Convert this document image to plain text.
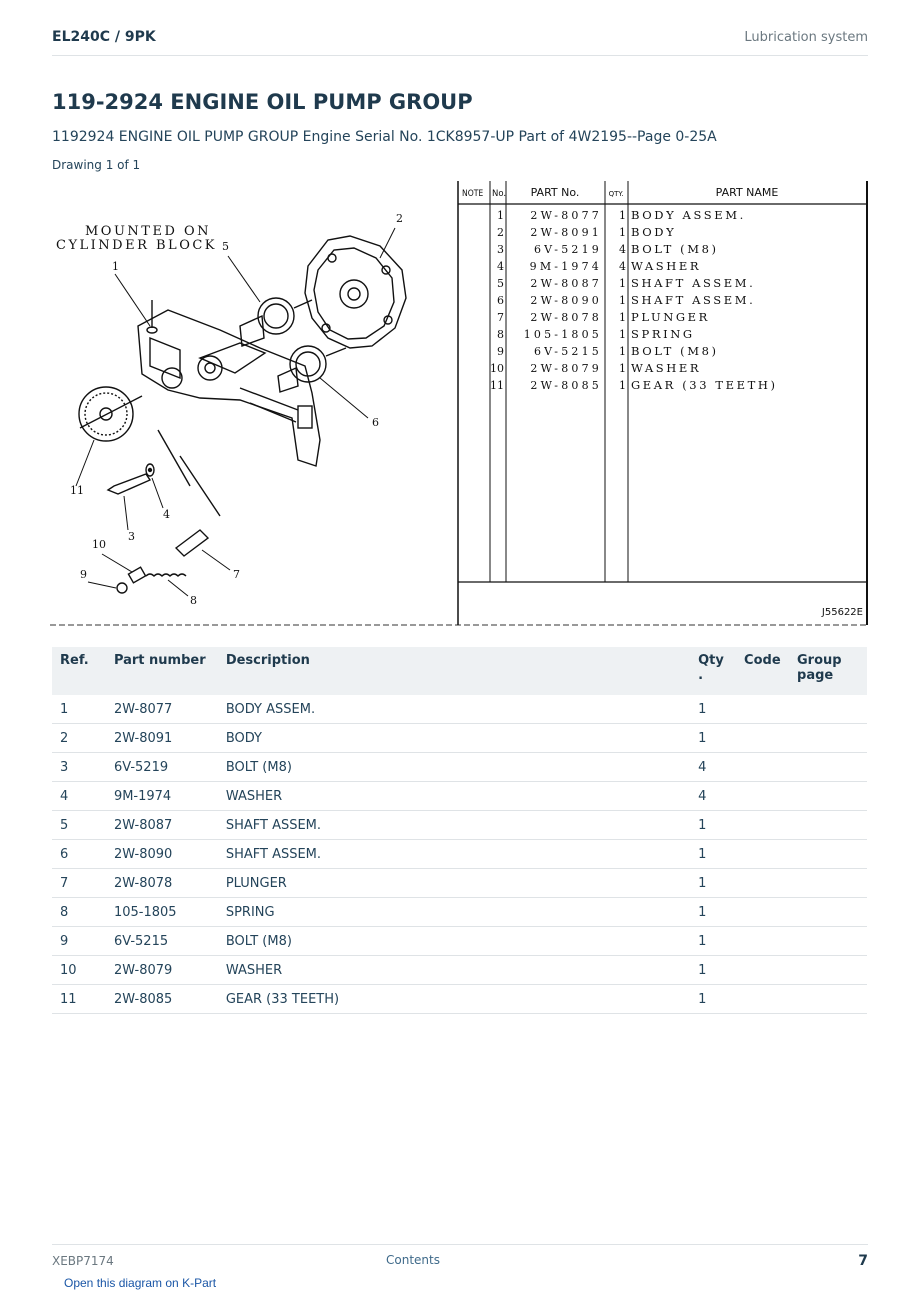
EL240C / 9PK	Lubrication system
119-2924 ENGINE OIL PUMP GROUP
1192924 ENGINE OIL PUMP GROUP Engine Serial No. 1CK8957-UP Part of 4W2195--Page 0-25A
Drawing 1 of 1
MOUNTED ON
CYLINDER BLOCK
NOTE No. PART No.	QTY.	PART NAME
1 2W-8077 1 BODY ASSEM.
2 2W-8091 1 BODY
3	6V-5219 4 BOLT (M8)
4 9M-1974 4 WASHER
5 2W-8087 1 SHAFT ASSEM.
6 2W-8090 1 SHAFT ASSEM.
7 2W-8078 1 PLUNGER
8 105-1805 1 SPRING
9	6V-5215 1 BOLT (M8)
10 2W-8079 1 WASHER
11 2W-8085 1 GEAR (33 TEETH)
J55622E
1
2
3
4
5
6
7
8
9
10
11
Ref.	Part number	Description	Qty
.	Code	Group page
1	2W-8077	BODY ASSEM.	1		
2	2W-8091	BODY	1		
3	6V-5219	BOLT (M8)	4		
4	9M-1974	WASHER	4		
5	2W-8087	SHAFT ASSEM.	1		
6	2W-8090	SHAFT ASSEM.	1		
7	2W-8078	PLUNGER	1		
8	105-1805	SPRING	1		
9	6V-5215	BOLT (M8)	1		
10	2W-8079	WASHER	1		
11	2W-8085	GEAR (33 TEETH)	1		
XEBP7174	Contents	7
Open this diagram on K-Part
